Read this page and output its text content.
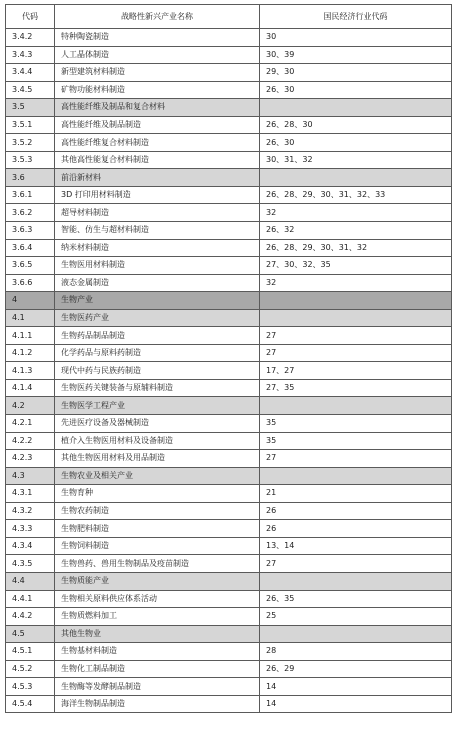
代码	战略性新兴产业名称	国民经济行业代码
3.4.2	特种陶瓷制造	30
3.4.3	人工晶体制造	30、39
3.4.4	新型建筑材料制造	29、30
3.4.5	矿物功能材料制造	26、30
3.5	高性能纤维及制品和复合材料	
3.5.1	高性能纤维及制品制造	26、28、30
3.5.2	高性能纤维复合材料制造	26、30
3.5.3	其他高性能复合材料制造	30、31、32
3.6	前沿新材料	
3.6.1	3D 打印用材料制造	26、28、29、30、31、32、33
3.6.2	超导材料制造	32
3.6.3	智能、仿生与超材料制造	26、32
3.6.4	纳米材料制造	26、28、29、30、31、32
3.6.5	生物医用材料制造	27、30、32、35
3.6.6	液态金属制造	32
4	生物产业	
4.1	生物医药产业	
4.1.1	生物药品制品制造	27
4.1.2	化学药品与原料药制造	27
4.1.3	现代中药与民族药制造	17、27
4.1.4	生物医药关键装备与原辅料制造	27、35
4.2	生物医学工程产业	
4.2.1	先进医疗设备及器械制造	35
4.2.2	植介入生物医用材料及设备制造	35
4.2.3	其他生物医用材料及用品制造	27
4.3	生物农业及相关产业	
4.3.1	生物育种	21
4.3.2	生物农药制造	26
4.3.3	生物肥料制造	26
4.3.4	生物饲料制造	13、14
4.3.5	生物兽药、兽用生物制品及疫苗制造	27
4.4	生物质能产业	
4.4.1	生物相关原料供应体系活动	26、35
4.4.2	生物质燃料加工	25
4.5	其他生物业	
4.5.1	生物基材料制造	28
4.5.2	生物化工制品制造	26、29
4.5.3	生物酶等发酵制品制造	14
4.5.4	海洋生物制品制造	14
